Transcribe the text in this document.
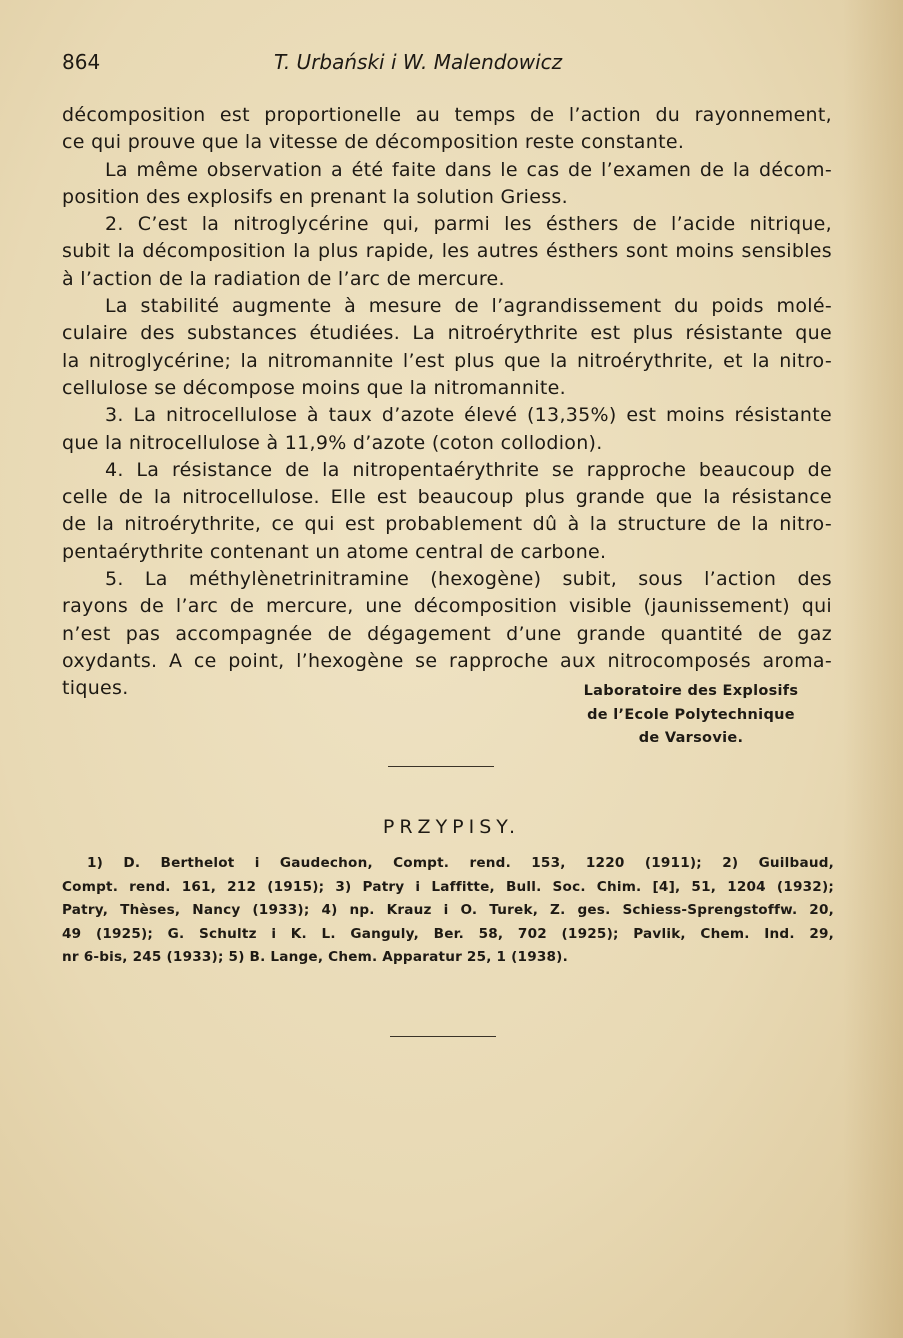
864	T. Urbański i W. Malendowicz
décomposition est proportionelle au temps de l’action du rayonnement,
ce qui prouve que la vitesse de décomposition reste constante.
La même observation a été faite dans le cas de l’examen de la décom-
position des explosifs en prenant la solution Griess.
2. C’est la nitroglycérine qui, parmi les ésthers de l’acide nitrique,
subit la décomposition la plus rapide, les autres ésthers sont moins sensibles
à l’action de la radiation de l’arc de mercure.
La stabilité augmente à mesure de l’agrandissement du poids molé-
culaire des substances étudiées. La nitroérythrite est plus résistante que
la nitroglycérine; la nitromannite l’est plus que la nitroérythrite, et la nitro-
cellulose se décompose moins que la nitromannite.
3. La nitrocellulose à taux d’azote élevé (13,35%) est moins résistante
que la nitrocellulose à 11,9% d’azote (coton collodion).
4. La résistance de la nitropentaérythrite se rapproche beaucoup de
celle de la nitrocellulose. Elle est beaucoup plus grande que la résistance
de la nitroérythrite, ce qui est probablement dû à la structure de la nitro-
pentaérythrite contenant un atome central de carbone.
5. La méthylènetrinitramine (hexogène) subit, sous l’action des
rayons de l’arc de mercure, une décomposition visible (jaunissement) qui
n’est pas accompagnée de dégagement d’une grande quantité de gaz
oxydants. A ce point, l’hexogène se rapproche aux nitrocomposés aroma-
tiques.	Laboratoire des Explosifs
de l’Ecole Polytechnique
de Varsovie.
PRZYPISY.
1) D. Berthelot i Gaudechon, Compt. rend. 153, 1220 (1911); 2) Guilbaud,
Compt. rend. 161, 212 (1915); 3) Patry i Laffitte, Bull. Soc. Chim. [4], 51, 1204 (1932);
Patry, Thèses, Nancy (1933); 4) np. Krauz i O. Turek, Z. ges. Schiess-Sprengstoffw. 20,
49 (1925); G. Schultz i K. L. Ganguly, Ber. 58, 702 (1925); Pavlik, Chem. Ind. 29,
nr 6-bis, 245 (1933); 5) B. Lange, Chem. Apparatur 25, 1 (1938).
